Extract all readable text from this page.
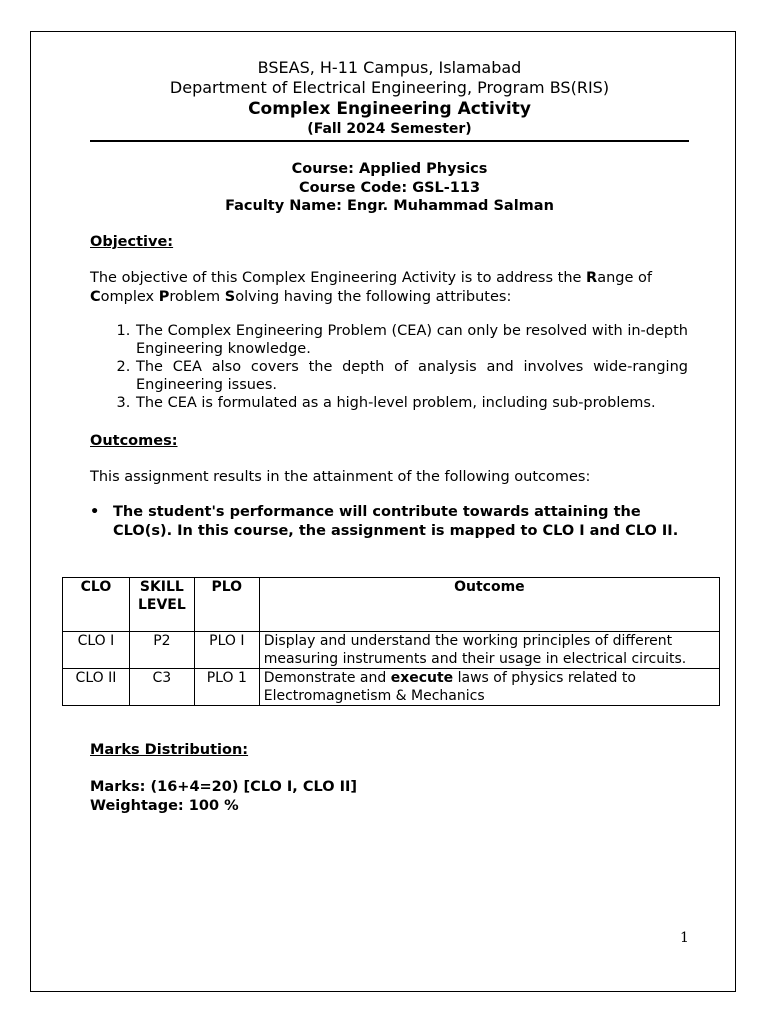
BSEAS, H-11 Campus, Islamabad
Department of Electrical Engineering, Program BS(RIS)
Complex Engineering Activity
(Fall 2024 Semester)
Course: Applied Physics
Course Code: GSL-113
Faculty Name: Engr. Muhammad Salman
Objective:
The objective of this Complex Engineering Activity is to address the Range of Complex Problem Solving having the following attributes:
1. The Complex Engineering Problem (CEA) can only be resolved with in-depth Engineering knowledge.
2. The CEA also covers the depth of analysis and involves wide-ranging Engineering issues.
3. The CEA is formulated as a high-level problem, including sub-problems.
Outcomes:
This assignment results in the attainment of the following outcomes:
• The student's performance will contribute towards attaining the CLO(s). In this course, the assignment is mapped to CLO I and CLO II.
CLO	SKILL LEVEL	PLO	Outcome
CLO I	P2	PLO I	Display and understand the working principles of different measuring instruments and their usage in electrical circuits.
CLO II	C3	PLO 1	Demonstrate and execute laws of physics related to Electromagnetism & Mechanics
Marks Distribution:
Marks: (16+4=20) [CLO I, CLO II]
Weightage: 100 %
1
